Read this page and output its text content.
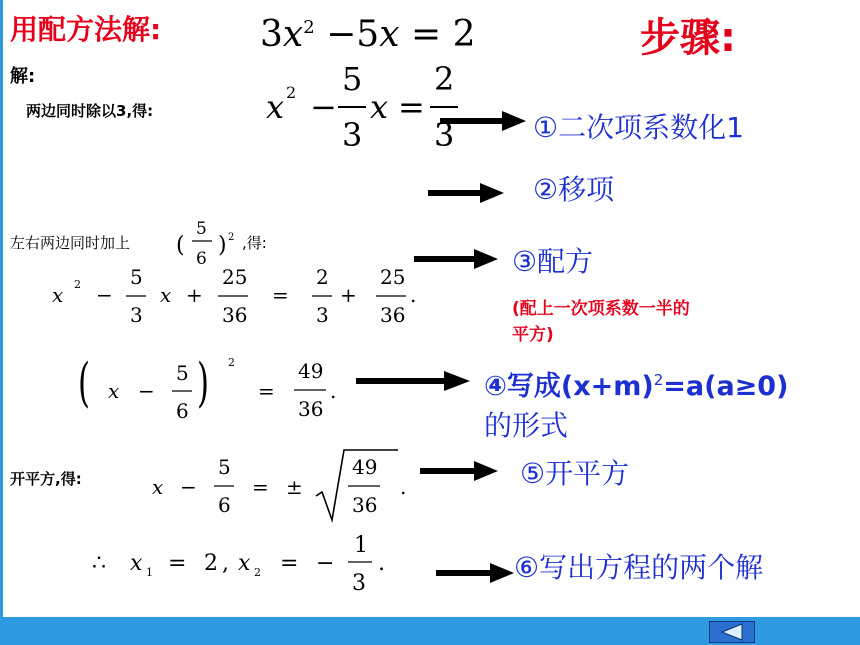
用配方法解:	步骤:
$3x^2 -5x = 2$
解:
两边同时除以3,得:	x 2 −
5
3
x =
2
3
左右两边同时加上 (
5
6
) 2 ,得:
x 2 −
5
3
x +
25
36
=
2
3
+
25
36
.
( x −
5
6 ) 2
=
49
36
.
开平方,得:	x −
5
6
= ±
49
36
.
∴ x 1 = 2 , x 2 = −
1
3
.
①二次项系数化1
②移项
③配方
(配上一次项系数一半的
平方)
④写成$(x+m)^2=a(a\ge 0)$
的形式
⑤开平方
⑥写出方程的两个解
